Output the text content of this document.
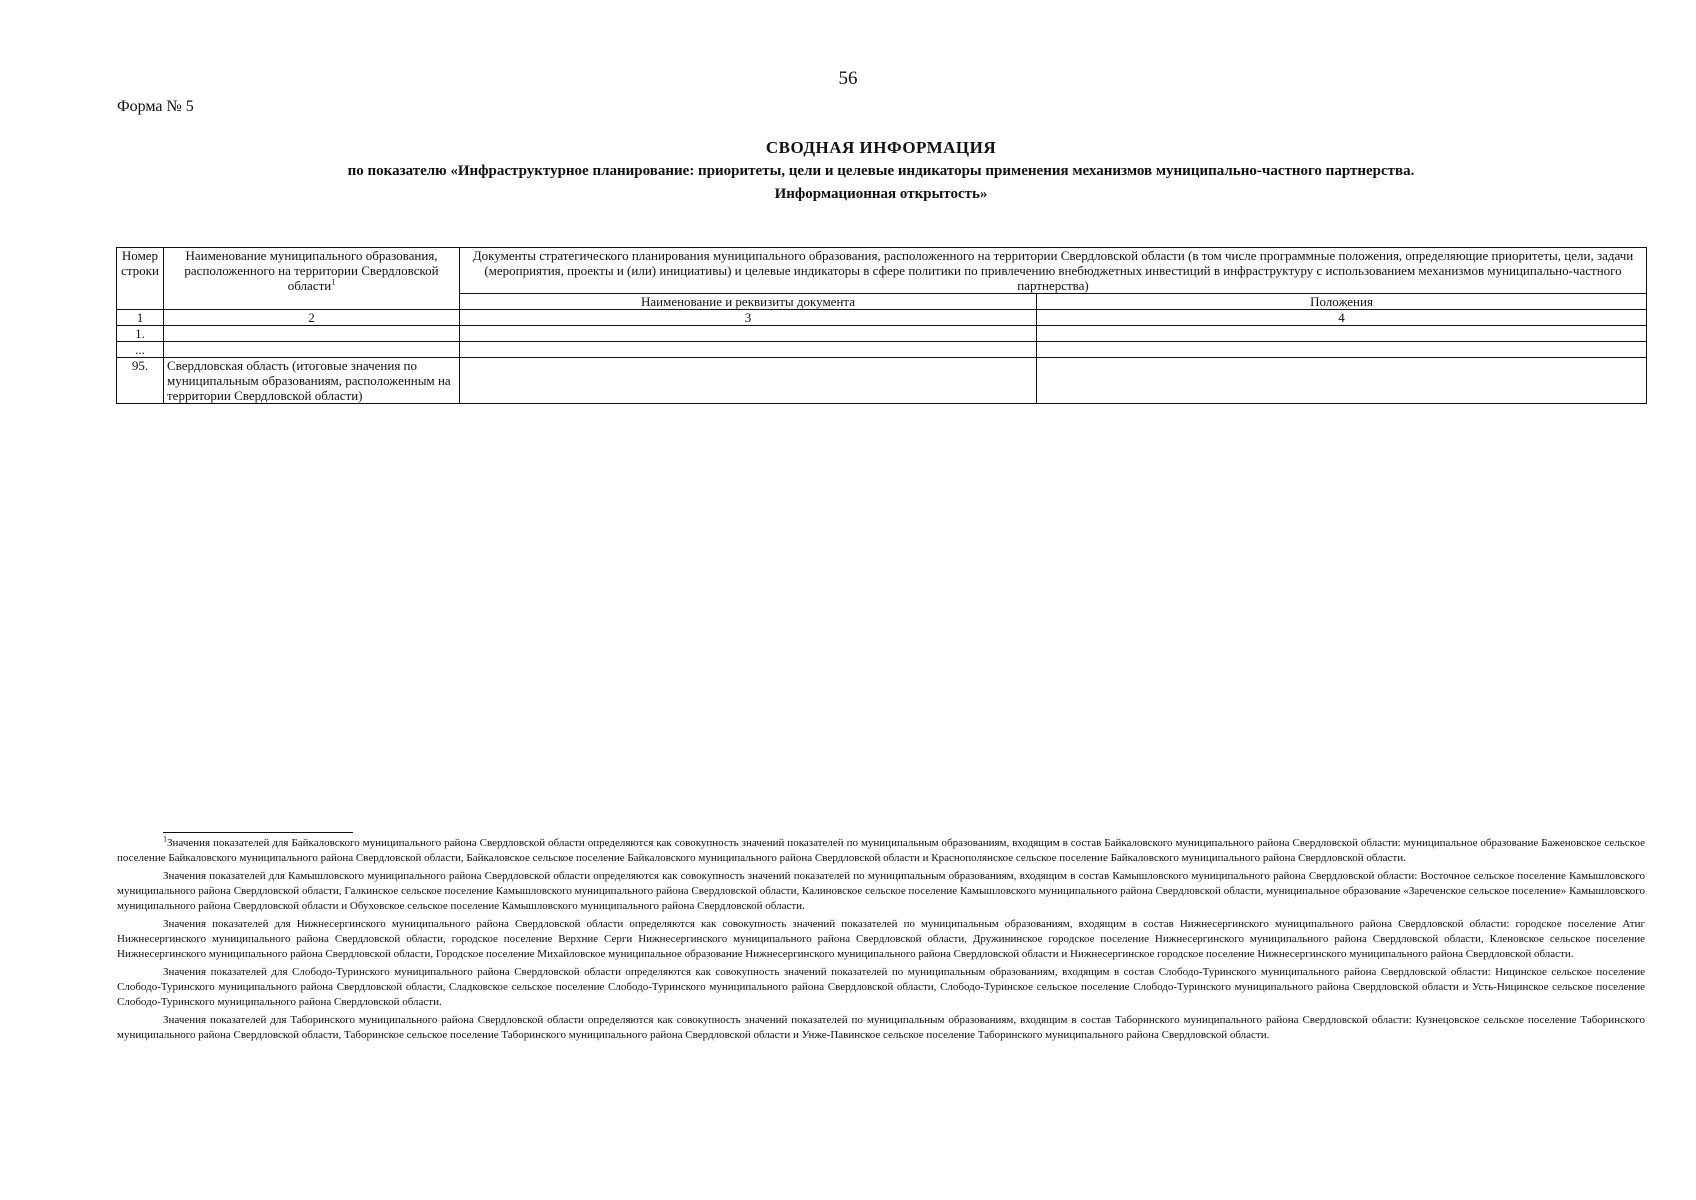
56
Форма № 5
СВОДНАЯ ИНФОРМАЦИЯ
по показателю «Инфраструктурное планирование: приоритеты, цели и целевые индикаторы применения механизмов муниципально-частного партнерства.
Информационная открытость»
Номер строки	Наименование муниципального образования, расположенного на территории Свердловской области$^1$	Документы стратегического планирования муниципального образования, расположенного на территории Свердловской области (в том числе программные положения, определяющие приоритеты, цели, задачи (мероприятия, проекты и (или) инициативы) и целевые индикаторы в сфере политики по привлечению внебюджетных инвестиций в инфраструктуру с использованием механизмов муниципально-частного партнерства)	
		Наименование и реквизиты документа	Положения
1	2	3	4
1.			
...			
95.	Свердловская область (итоговые значения по муниципальным образованиям, расположенным на территории Свердловской области)		

$^1$Значения показателей для Байкаловского муниципального района Свердловской области определяются как совокупность значений показателей по муниципальным образованиям, входящим в состав Байкаловского муниципального района Свердловской области: муниципальное образование Баженовское сельское поселение Байкаловского муниципального района Свердловской области, Байкаловское сельское поселение Байкаловского муниципального района Свердловской области и Краснополянское сельское поселение Байкаловского муниципального района Свердловской области.

Значения показателей для Камышловского муниципального района Свердловской области определяются как совокупность значений показателей по муниципальным образованиям, входящим в состав Камышловского муниципального района Свердловской области: Восточное сельское поселение Камышловского муниципального района Свердловской области, Галкинское сельское поселение Камышловского муниципального района Свердловской области, Калиновское сельское поселение Камышловского муниципального района Свердловской области, муниципальное образование «Зареченское сельское поселение» Камышловского муниципального района Свердловской области и Обуховское сельское поселение Камышловского муниципального района Свердловской области.

Значения показателей для Нижнесергинского муниципального района Свердловской области определяются как совокупность значений показателей по муниципальным образованиям, входящим в состав Нижнесергинского муниципального района Свердловской области: городское поселение Атиг Нижнесергинского муниципального района Свердловской области, городское поселение Верхние Серги Нижнесергинского муниципального района Свердловской области, Дружининское городское поселение Нижнесергинского муниципального района Свердловской области, Кленовское сельское поселение Нижнесергинского муниципального района Свердловской области, Городское поселение Михайловское муниципальное образование Нижнесергинского муниципального района Свердловской области и Нижнесергинское городское поселение Нижнесергинского муниципального района Свердловской области.

Значения показателей для Слободо-Туринского муниципального района Свердловской области определяются как совокупность значений показателей по муниципальным образованиям, входящим в состав Слободо-Туринского муниципального района Свердловской области: Ницинское сельское поселение Слободо-Туринского муниципального района Свердловской области, Сладковское сельское поселение Слободо-Туринского муниципального района Свердловской области, Слободо-Туринское сельское поселение Слободо-Туринского муниципального района Свердловской области и Усть-Ницинское сельское поселение Слободо-Туринского муниципального района Свердловской области.

Значения показателей для Таборинского муниципального района Свердловской области определяются как совокупность значений показателей по муниципальным образованиям, входящим в состав Таборинского муниципального района Свердловской области: Кузнецовское сельское поселение Таборинского муниципального района Свердловской области, Таборинское сельское поселение Таборинского муниципального района Свердловской области и Унже-Павинское сельское поселение Таборинского муниципального района Свердловской области.
